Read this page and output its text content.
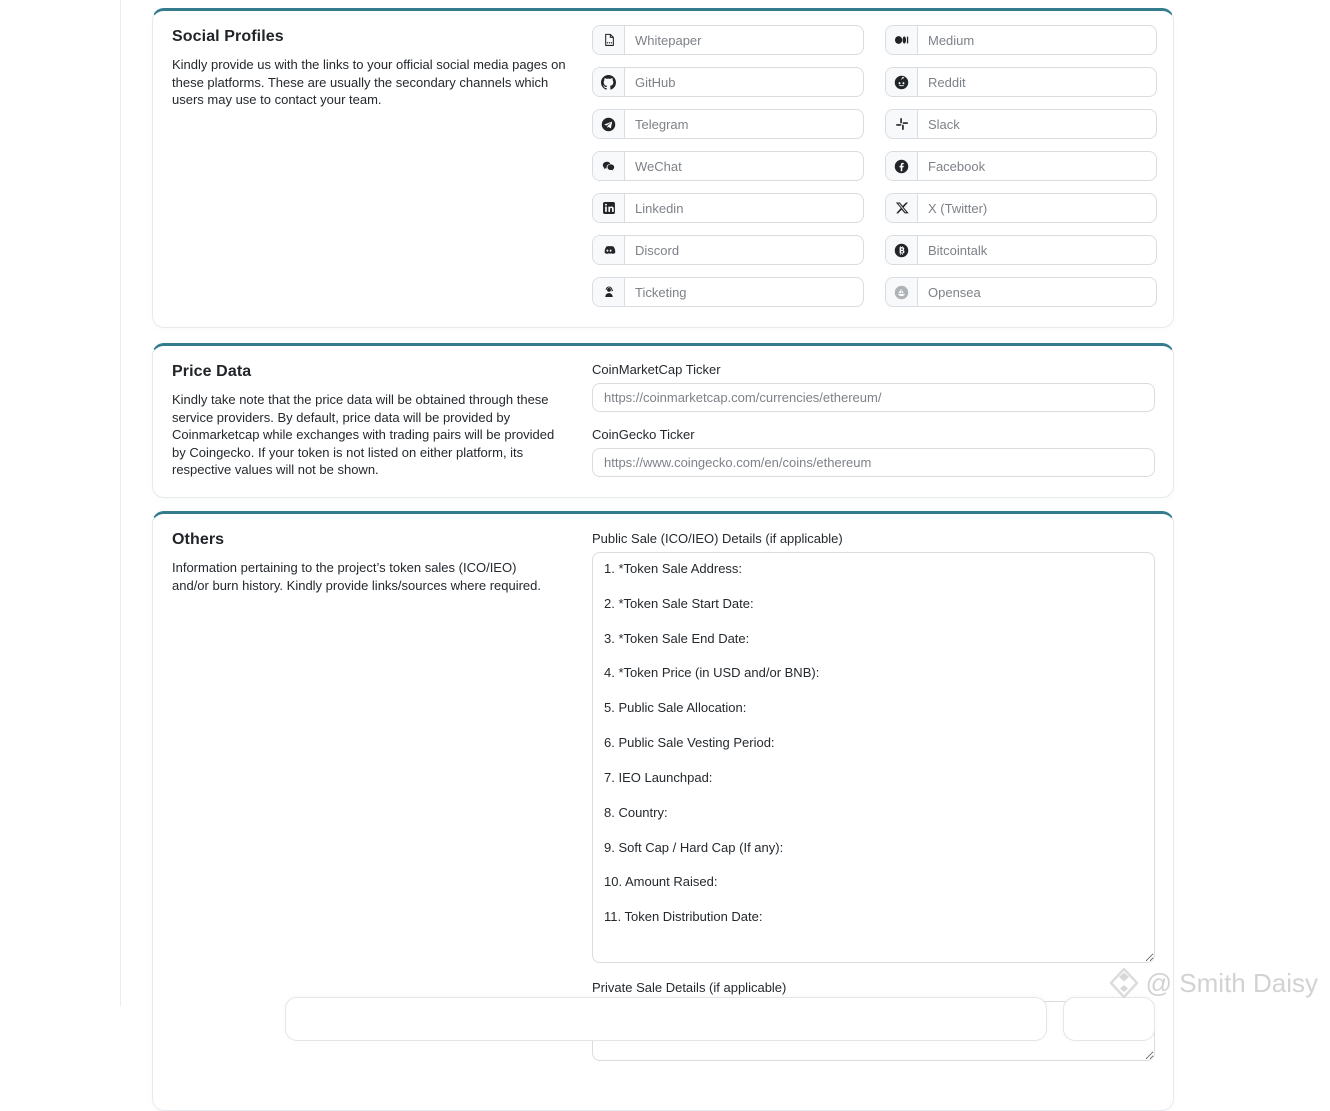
Social Profiles

Kindly provide us with the links to your official social media pages on these platforms. These are usually the secondary channels which users may use to contact your team.

Whitepaper
Medium
GitHub
Reddit
Telegram
Slack
WeChat
Facebook
Linkedin
X (Twitter)
Discord
Bitcointalk
Ticketing
Opensea
Price Data

Kindly take note that the price data will be obtained through these service providers. By default, price data will be provided by Coinmarketcap while exchanges with trading pairs will be provided by Coingecko. If your token is not listed on either platform, its respective values will not be shown.

CoinMarketCap Ticker
https://coinmarketcap.com/currencies/ethereum/
CoinGecko Ticker
https://www.coingecko.com/en/coins/ethereum
Others

Information pertaining to the project’s token sales (ICO/IEO) and/or burn history. Kindly provide links/sources where required.

Public Sale (ICO/IEO) Details (if applicable)
1. *Token Sale Address: 2. *Token Sale Start Date: 3. *Token Sale End Date: 4. *Token Price (in USD and/or BNB): 5. Public Sale Allocation: 6. Public Sale Vesting Period: 7. IEO Launchpad: 8. Country: 9. Soft Cap / Hard Cap (If any): 10. Amount Raised: 11. Token Distribution Date:
Private Sale Details (if applicable)	@ Smith Daisy
